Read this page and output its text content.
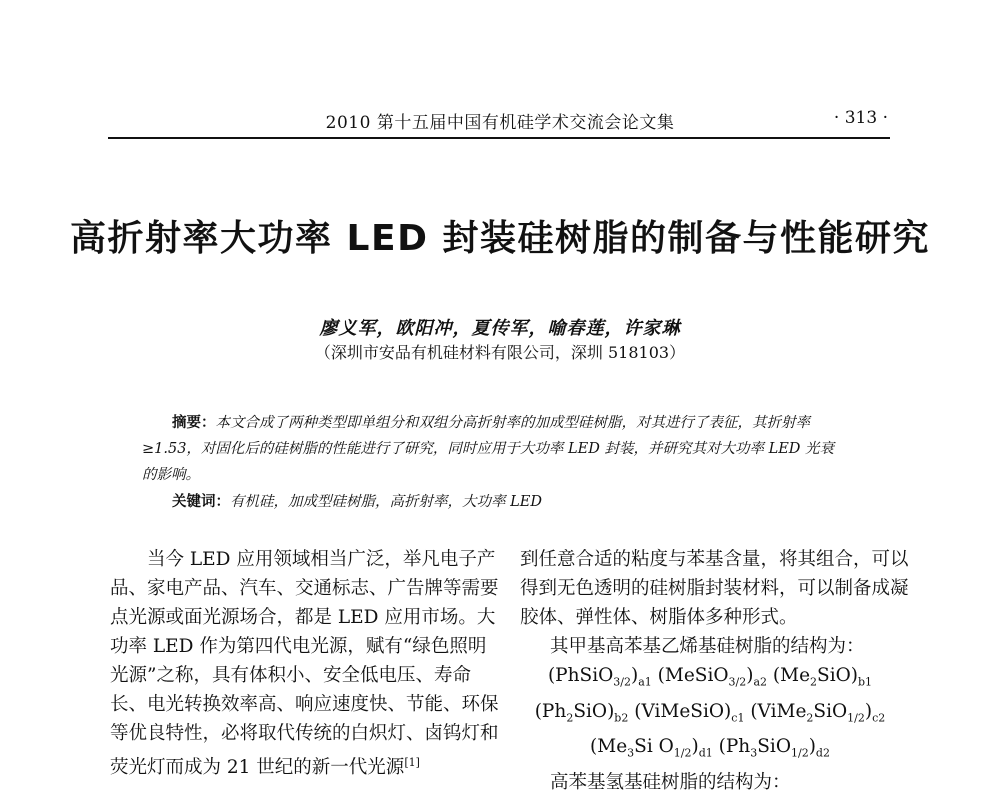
2010 第十五届中国有机硅学术交流会论文集	· 313 ·
高折射率大功率 LED 封装硅树脂的制备与性能研究
廖义军，欧阳冲，夏传军，喻春莲，许家琳
（深圳市安品有机硅材料有限公司，深圳 518103）

摘要：本文合成了两种类型即单组分和双组分高折射率的加成型硅树脂，对其进行了表征，其折射率

≥1.53，对固化后的硅树脂的性能进行了研究，同时应用于大功率 LED 封装，并研究其对大功率 LED 光衰

的影响。

关键词：有机硅，加成型硅树脂，高折射率，大功率 LED

当今 LED 应用领域相当广泛，举凡电子产

品、家电产品、汽车、交通标志、广告牌等需要

点光源或面光源场合，都是 LED 应用市场。大

功率 LED 作为第四代电光源，赋有“绿色照明

光源”之称，具有体积小、安全低电压、寿命

长、电光转换效率高、响应速度快、节能、环保

等优良特性，必将取代传统的白炽灯、卤钨灯和

荧光灯而成为 21 世纪的新一代光源[1]

到任意合适的粘度与苯基含量，将其组合，可以

得到无色透明的硅树脂封装材料，可以制备成凝

胶体、弹性体、树脂体多种形式。

其甲基高苯基乙烯基硅树脂的结构为：

$(PhSiO_{3/2})_{a1}$ $(MeSiO_{3/2})_{a2}$ $(Me_2SiO)_{b1}$

$(Ph_2SiO)_{b2}$ $(ViMeSiO)_{c1}$ $(ViMe_2SiO_{1/2})_{c2}$

($Me_3Si$ $O_{1/2})_{d1}$ $(Ph_3SiO_{1/2})_{d2}$

高苯基氢基硅树脂的结构为：
